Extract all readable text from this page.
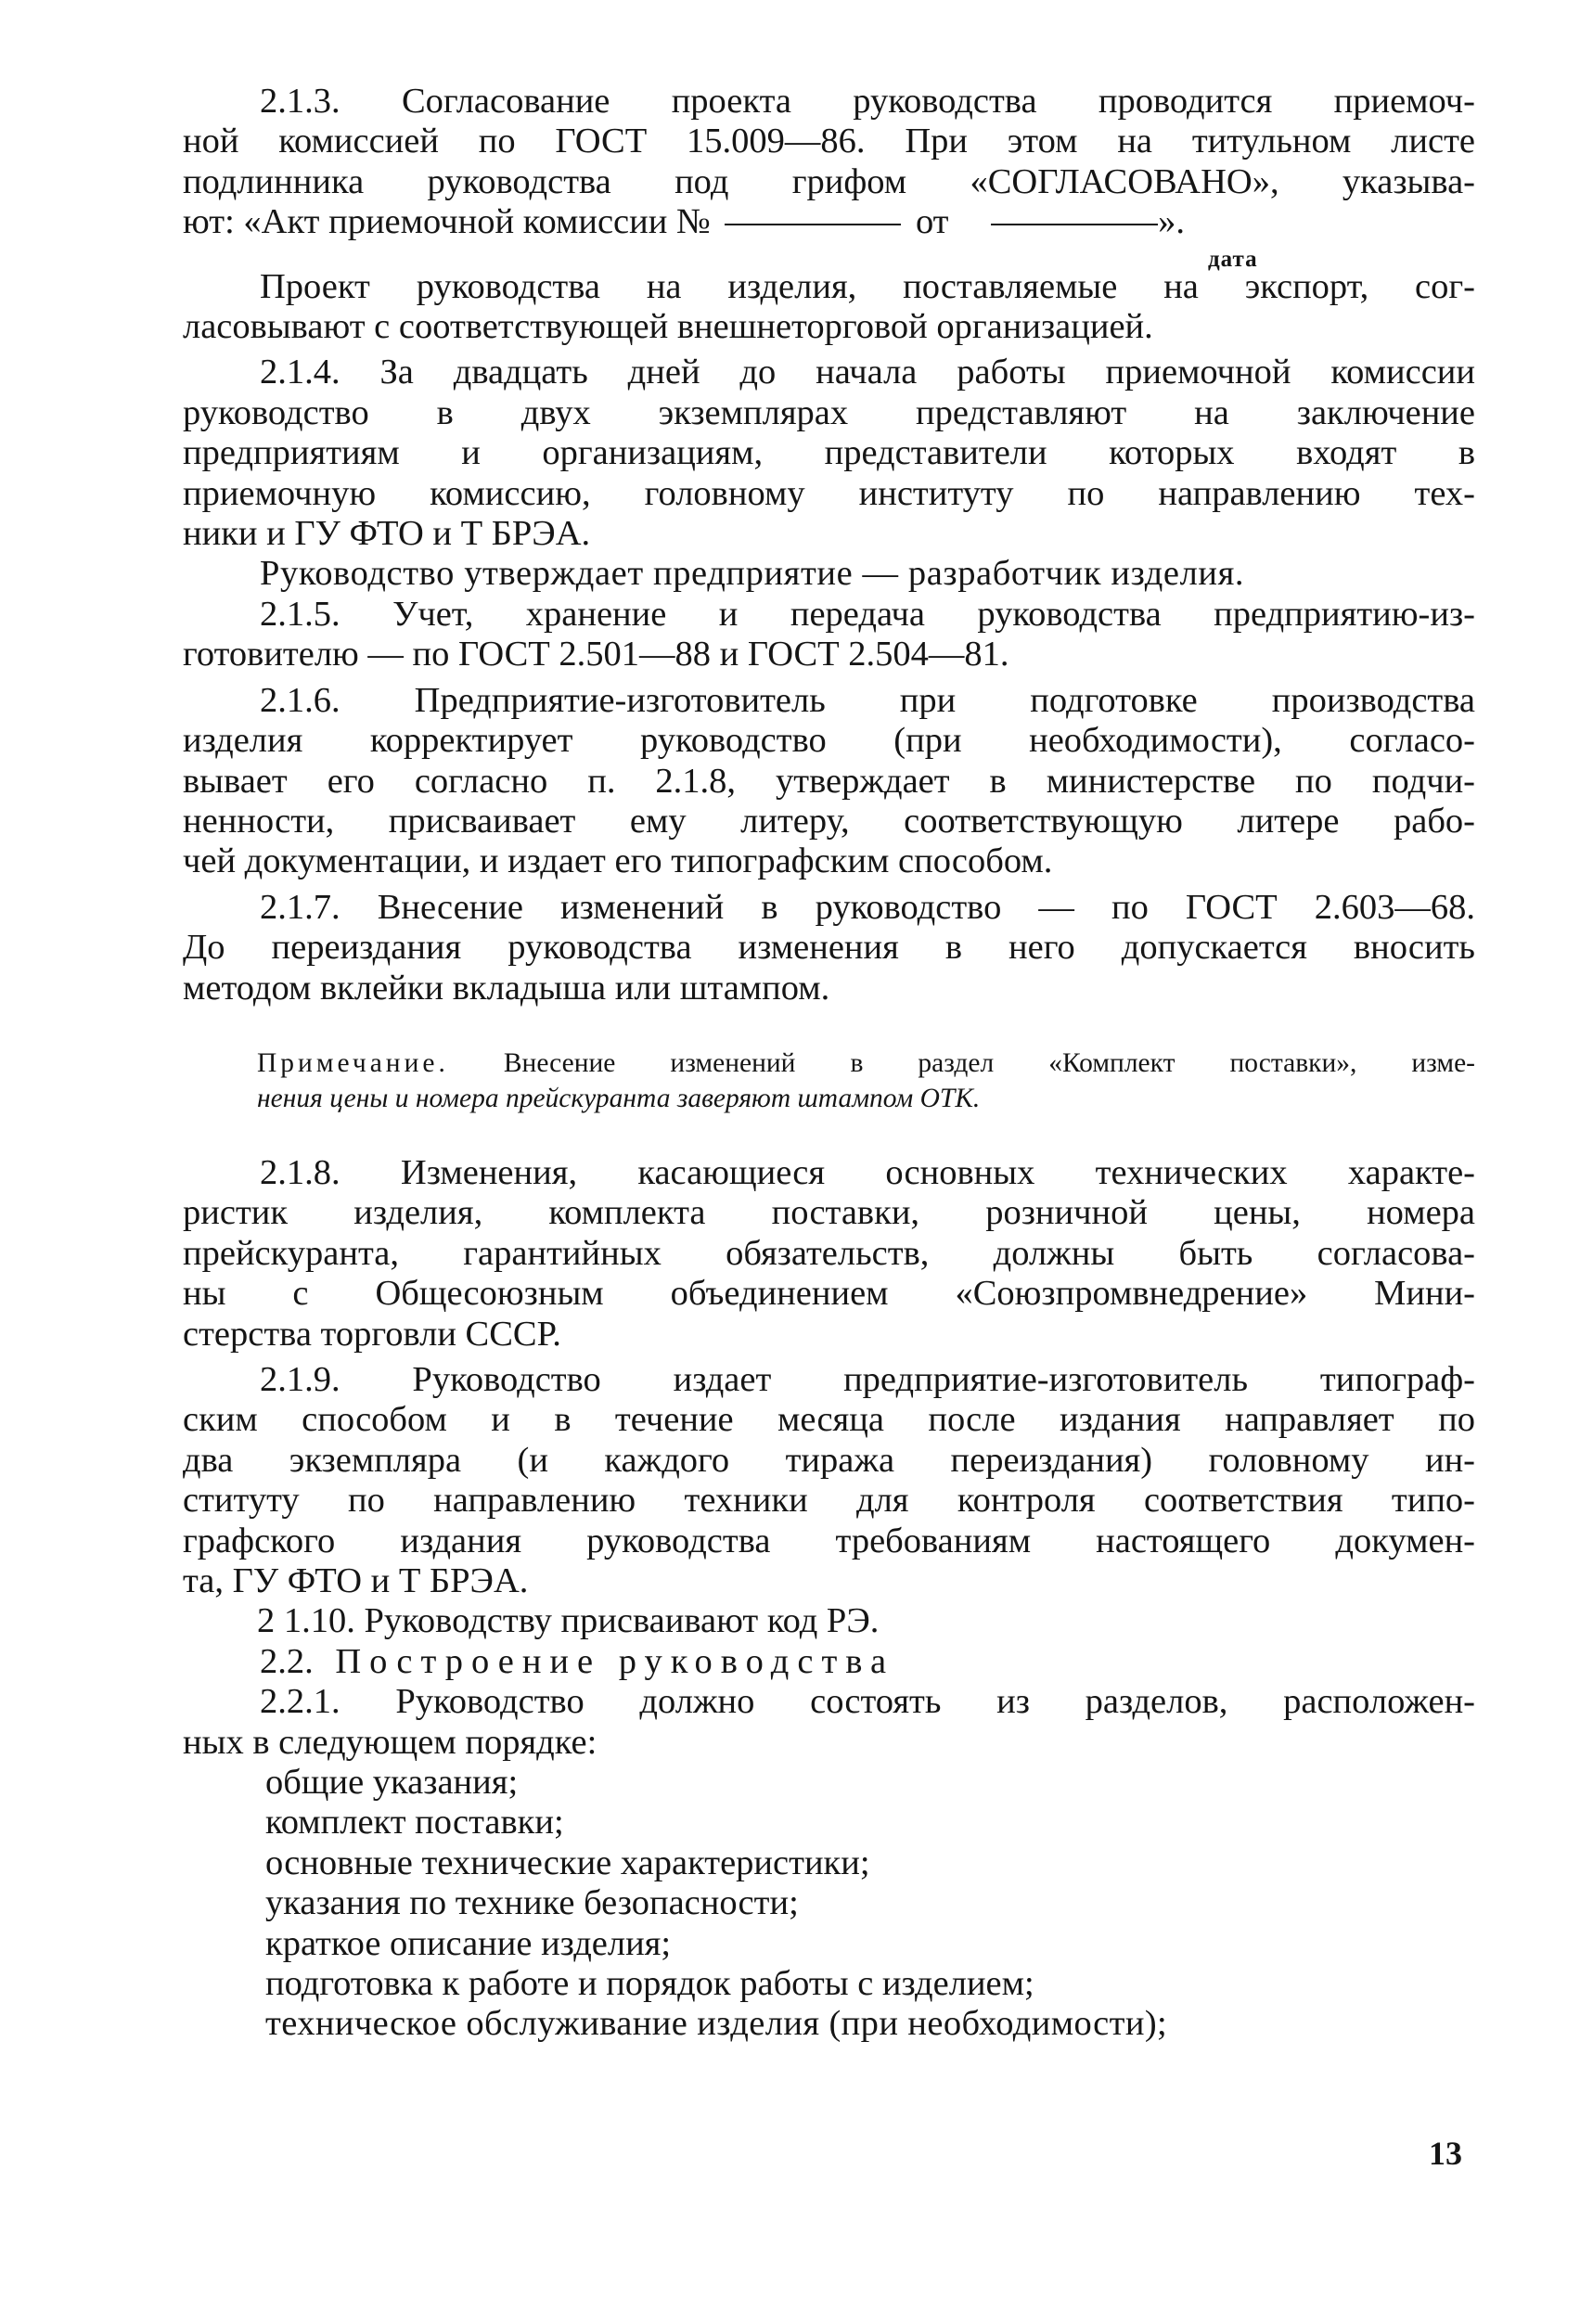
2.1.3. Согласование проекта руководства проводится приемоч-
ной комиссией по ГОСТ 15.009—86. При этом на титульном листе
подлинника руководства под грифом «СОГЛАСОВАНО», указыва-
ют: «Акт приемочной комиссии №	от	».
дата
Проект руководства на изделия, поставляемые на экспорт, сог-
ласовывают с соответствующей внешнеторговой организацией.
2.1.4. За двадцать дней до начала работы приемочной комиссии
руководство в двух экземплярах представляют на заключение
предприятиям и организациям, представители которых входят в
приемочную комиссию, головному институту по направлению тех-
ники и ГУ ФТО и Т БРЭА.
Руководство утверждает предприятие — разработчик изделия.
2.1.5. Учет, хранение и передача руководства предприятию-из-
готовителю — по ГОСТ 2.501—88 и ГОСТ 2.504—81.
2.1.6. Предприятие-изготовитель при подготовке производства
изделия корректирует руководство (при необходимости), согласо-
вывает его согласно п. 2.1.8, утверждает в министерстве по подчи-
ненности, присваивает ему литеру, соответствующую литере рабо-
чей документации, и издает его типографским способом.
2.1.7. Внесение изменений в руководство — по ГОСТ 2.603—68.
До переиздания руководства изменения в него допускается вносить
методом вклейки вкладыша или штампом.
Примечание. Внесение изменений в раздел «Комплект поставки», изме-
нения цены и номера прейскуранта заверяют штампом ОТК.
2.1.8. Изменения, касающиеся основных технических характе-
ристик изделия, комплекта поставки, розничной цены, номера
прейскуранта, гарантийных обязательств, должны быть согласова-
ны с Общесоюзным объединением «Союзпромвнедрение» Мини-
стерства торговли СССР.
2.1.9. Руководство издает предприятие-изготовитель типограф-
ским способом и в течение месяца после издания направляет по
два экземпляра (и каждого тиража переиздания) головному ин-
ституту по направлению техники для контроля соответствия типо-
графского издания руководства требованиям настоящего докумен-
та, ГУ ФТО и Т БРЭА.
2 1.10. Руководству присваивают код РЭ.
2.2. Построение руководства
2.2.1. Руководство должно состоять из разделов, расположен-
ных в следующем порядке:
общие указания;
комплект поставки;
основные технические характеристики;
указания по технике безопасности;
краткое описание изделия;
подготовка к работе и порядок работы с изделием;
техническое обслуживание изделия (при необходимости);
13
